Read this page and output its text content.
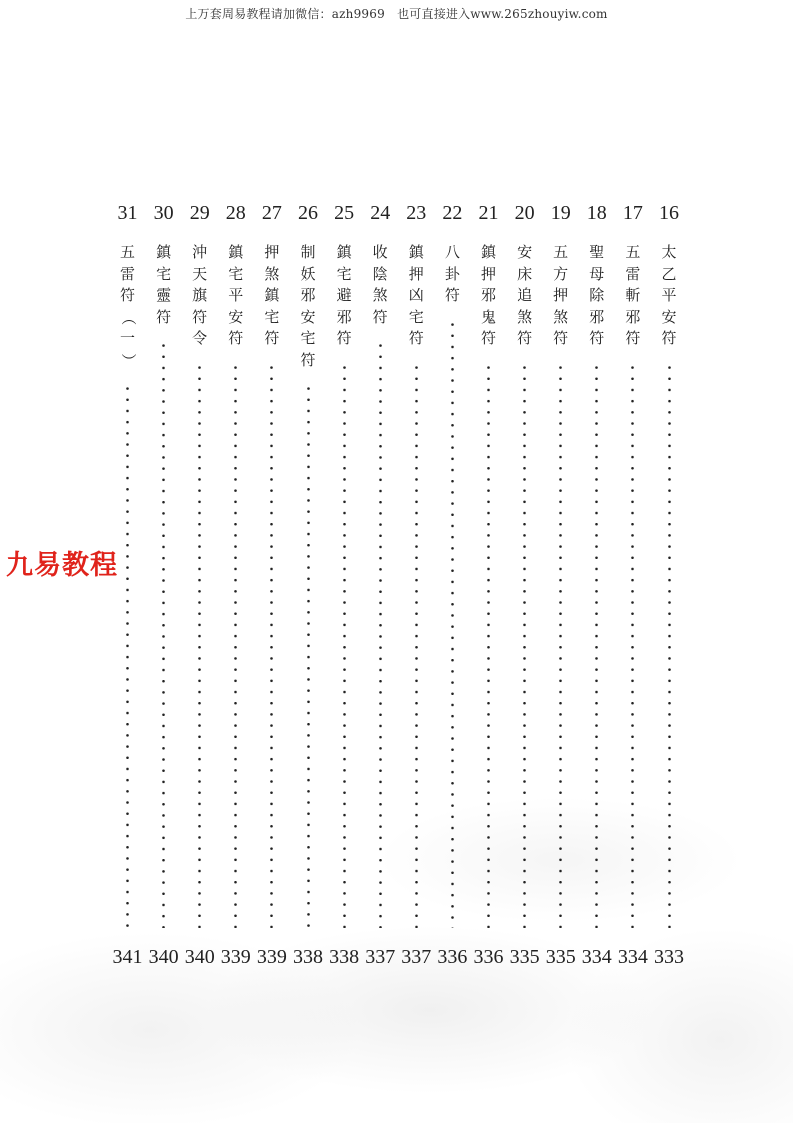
上万套周易教程请加微信：azh9969　也可直接进入www.265zhouyiw.com
16
太
乙
平
安
符
333
17
五
雷
斬
邪
符
334
18
聖
母
除
邪
符
334
19
五
方
押
煞
符
335
20
安
床
追
煞
符
335
21
鎮
押
邪
鬼
符
336
22
八
卦
符
336
23
鎮
押
凶
宅
符
337
24
收
陰
煞
符
337
25
鎮
宅
避
邪
符
338
26
制
妖
邪
安
宅
符
338
27
押
煞
鎮
宅
符
339
28
鎮
宅
平
安
符
339
29
沖
天
旗
符
令
340
30
鎮
宅
靈
符
340
31
五
雷
符
（
一
）
341
九易教程
